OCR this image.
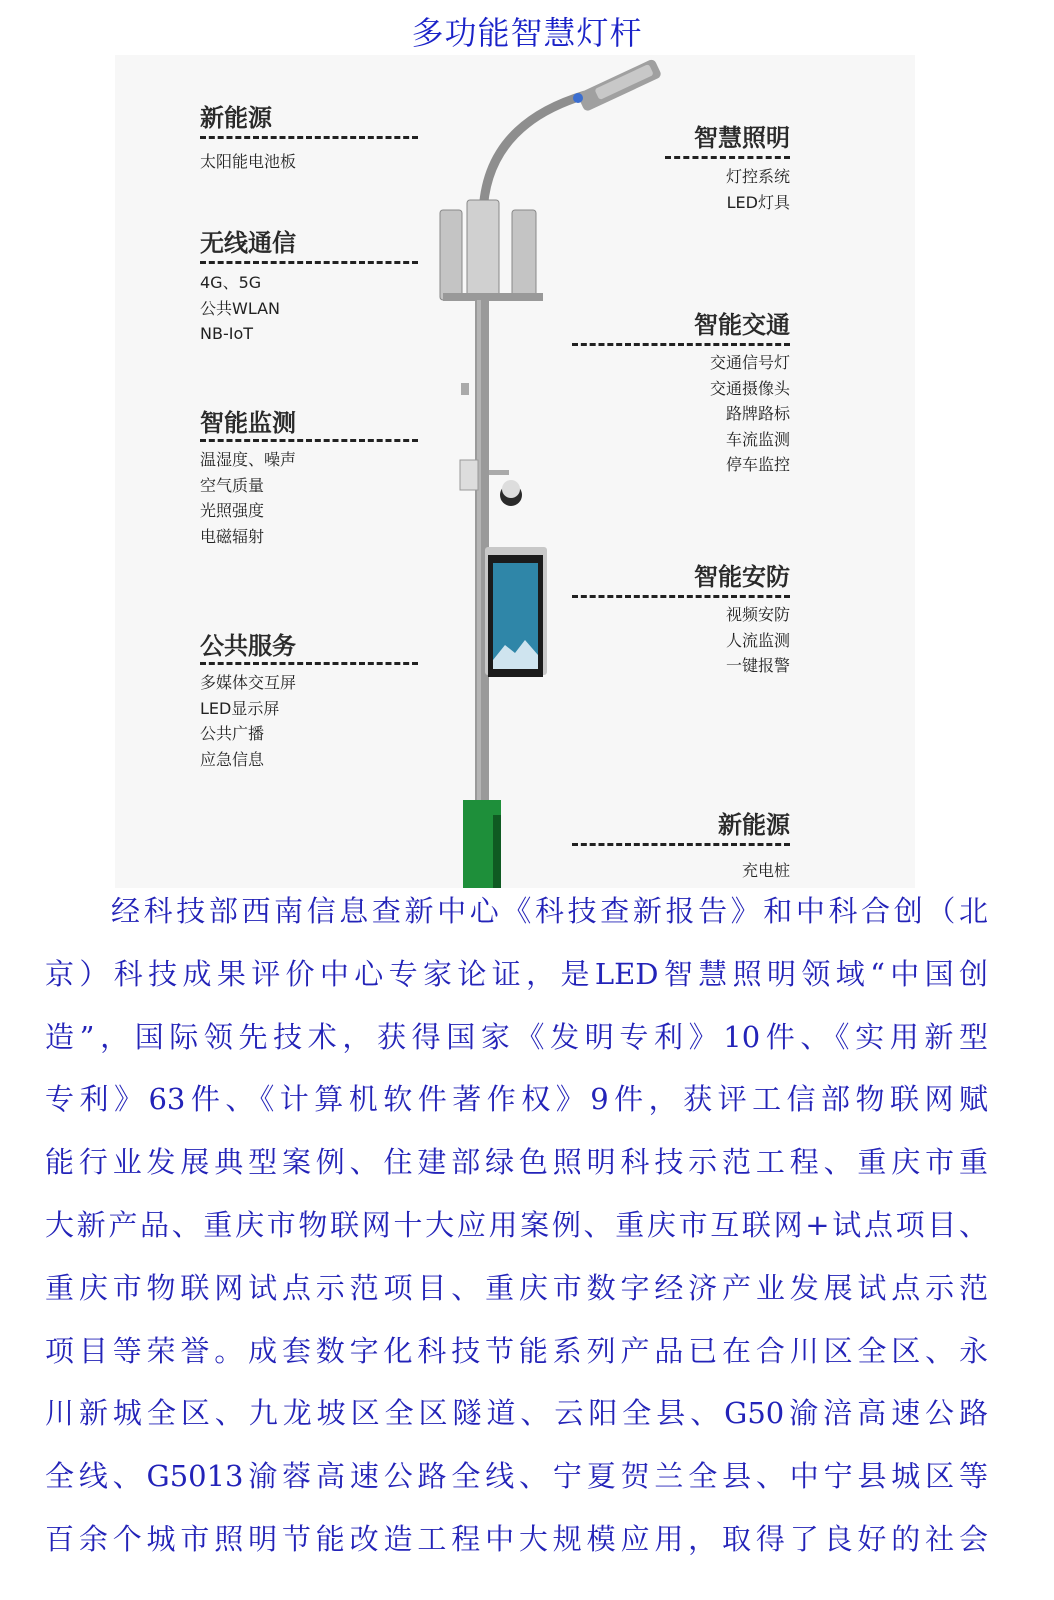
多功能智慧灯杆
新能源
太阳能电池板
无线通信
4G、5G
公共WLAN
NB-IoT
智能监测
温湿度、噪声
空气质量
光照强度
电磁辐射
公共服务
多媒体交互屏
LED显示屏
公共广播
应急信息
智慧照明
灯控系统
LED灯具
智能交通
交通信号灯
交通摄像头
路牌路标
车流监测
停车监控
智能安防
视频安防
人流监测
一键报警
新能源
充电桩
经科技部西南信息查新中心《科技查新报告》和中科合创（北
京）科技成果评价中心专家论证，是LED智慧照明领域“中国创
造”，国际领先技术，获得国家《发明专利》10件、《实用新型
专利》63件、《计算机软件著作权》9件，获评工信部物联网赋
能行业发展典型案例、住建部绿色照明科技示范工程、重庆市重
大新产品、重庆市物联网十大应用案例、重庆市互联网+试点项目、
重庆市物联网试点示范项目、重庆市数字经济产业发展试点示范
项目等荣誉。成套数字化科技节能系列产品已在合川区全区、永
川新城全区、九龙坡区全区隧道、云阳全县、G50渝涪高速公路
全线、G5013渝蓉高速公路全线、宁夏贺兰全县、中宁县城区等
百余个城市照明节能改造工程中大规模应用，取得了良好的社会
